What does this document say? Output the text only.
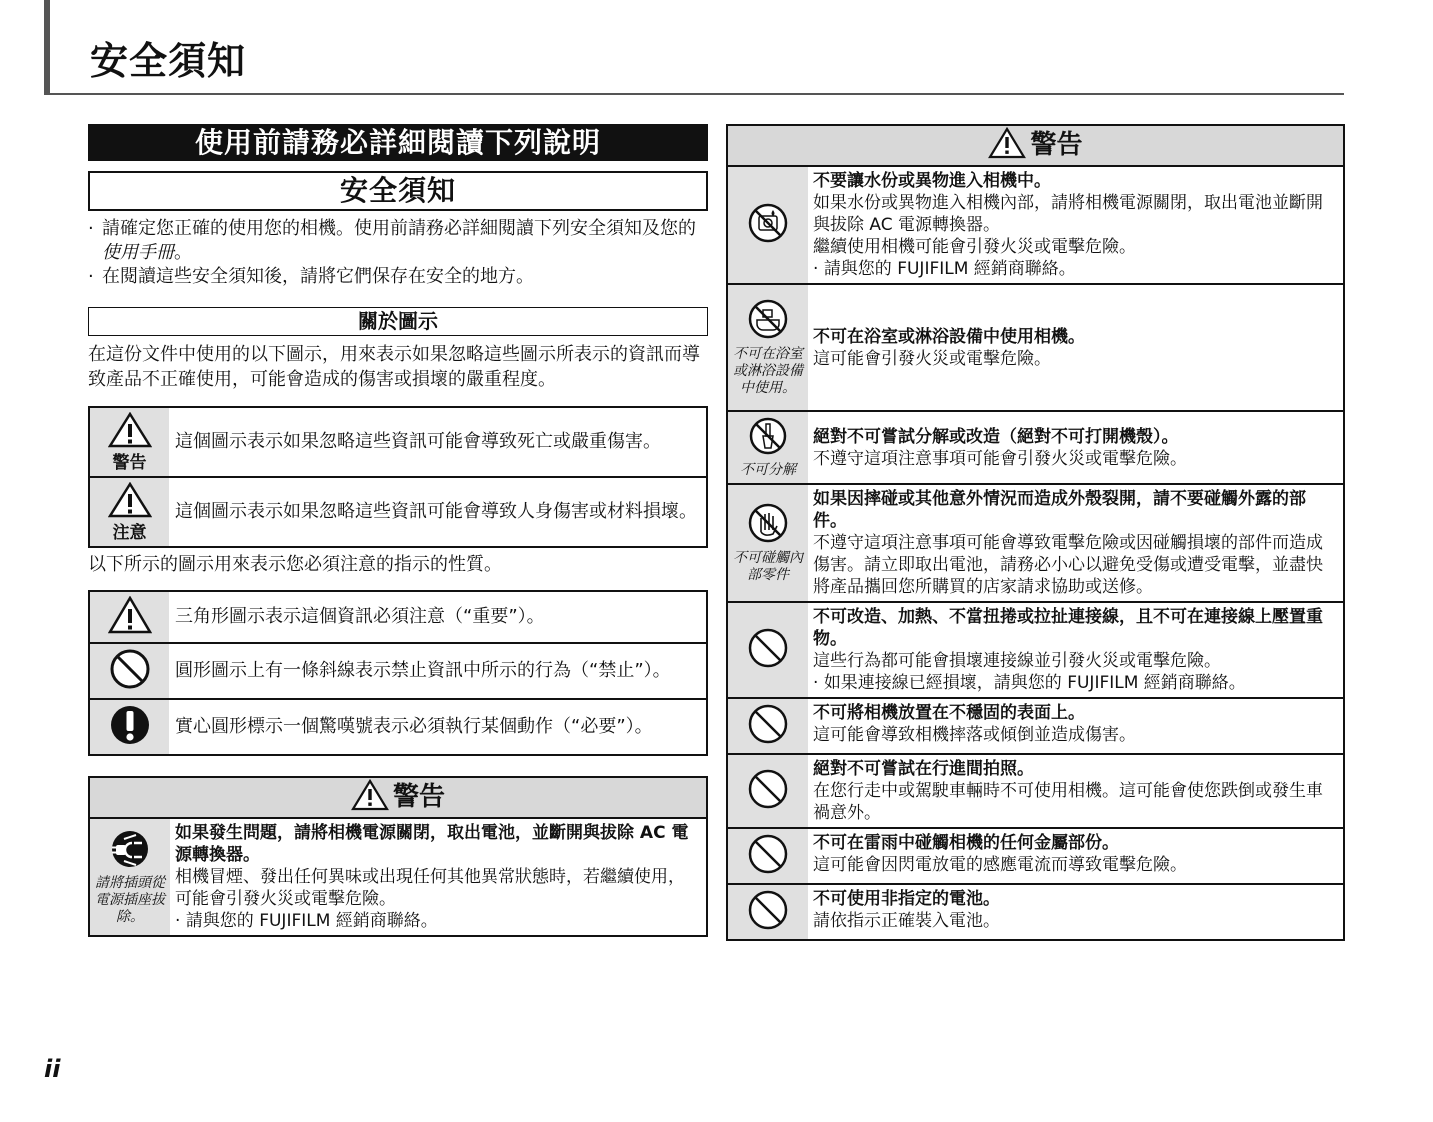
安全須知
使用前請務必詳細閱讀下列說明
安全須知
· 請確定您正確的使用您的相機。使用前請務必詳細閱讀下列安全須知及您的使用手冊。
· 在閱讀這些安全須知後，請將它們保存在安全的地方。
關於圖示

在這份文件中使用的以下圖示，用來表示如果忽略這些圖示所表示的資訊而導致產品不正確使用，可能會造成的傷害或損壞的嚴重程度。

警告	這個圖示表示如果忽略這些資訊可能會導致死亡或嚴重傷害。

注意	這個圖示表示如果忽略這些資訊可能會導致人身傷害或材料損壞。

以下所示的圖示用來表示您必須注意的指示的性質。

	三角形圖示表示這個資訊必須注意（“重要”）。
	圓形圖示上有一條斜線表示禁止資訊中所示的行為（“禁止”）。
	實心圓形標示一個驚嘆號表示必須執行某個動作（“必要”）。
警告
請將插頭從電源插座拔除。

如果發生問題，請將相機電源關閉，取出電池，並斷開與拔除 AC 電源轉換器。
相機冒煙、發出任何異味或出現任何其他異常狀態時，若繼續使用，可能會引發火災或電擊危險。
· 請與您的 FUJIFILM 經銷商聯絡。
警告

不要讓水份或異物進入相機中。
如果水份或異物進入相機內部，請將相機電源關閉，取出電池並斷開與拔除 AC 電源轉換器。
繼續使用相機可能會引發火災或電擊危險。
· 請與您的 FUJIFILM 經銷商聯絡。

不可在浴室或淋浴設備中使用。	不可在浴室或淋浴設備中使用相機。
這可能會引發火災或電擊危險。

不可分解	絕對不可嘗試分解或改造（絕對不可打開機殼）。
不遵守這項注意事項可能會引發火災或電擊危險。

不可碰觸內部零件	如果因摔碰或其他意外情況而造成外殼裂開，請不要碰觸外露的部件。
不遵守這項注意事項可能會導致電擊危險或因碰觸損壞的部件而造成傷害。請立即取出電池，請務必小心以避免受傷或遭受電擊，並盡快將產品攜回您所購買的店家請求協助或送修。

不可改造、加熱、不當扭捲或拉扯連接線，且不可在連接線上壓置重物。
這些行為都可能會損壞連接線並引發火災或電擊危險。
· 如果連接線已經損壞，請與您的 FUJIFILM 經銷商聯絡。

不可將相機放置在不穩固的表面上。
這可能會導致相機摔落或傾倒並造成傷害。

絕對不可嘗試在行進間拍照。
在您行走中或駕駛車輛時不可使用相機。這可能會使您跌倒或發生車禍意外。

不可在雷雨中碰觸相機的任何金屬部份。
這可能會因閃電放電的感應電流而導致電擊危險。

不可使用非指定的電池。
請依指示正確裝入電池。
ii
